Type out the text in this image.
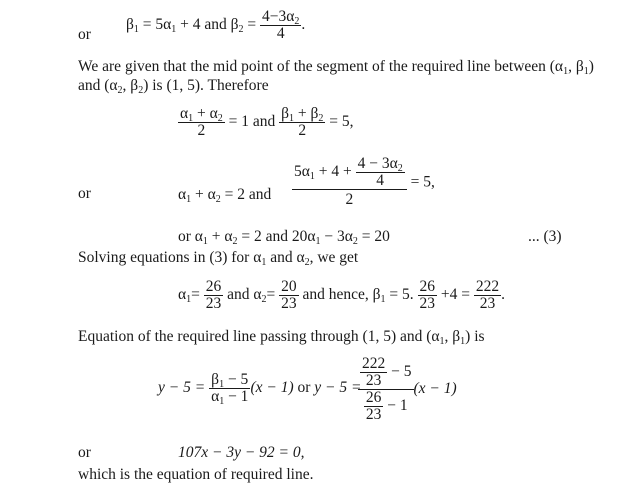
or
$\beta_1 = 5\alpha_1 + 4$ and $\beta_2 = \frac{4-3\alpha_2}{4}$ .
We are given that the mid point of the segment of the required line between ($\alpha_1$, $\beta_1$)
and ($\alpha_2$, $\beta_2$) is (1, 5). Therefore
$\frac{\alpha_1 + \alpha_2}{2} = 1$ and $\frac{\beta_1 + \beta_2}{2} = 5$,
or	$\alpha_1 + \alpha_2 = 2$ and $\frac{5\alpha_1 + 4 + \frac{4 - 3\alpha_2}{4}}{2} = 5$,
or $\alpha_1 + \alpha_2 = 2$ and $20\alpha_1 - 3\alpha_2 = 20$	... (3)
Solving equations in (3) for $\alpha_1$ and $\alpha_2$, we get
$\alpha_1= \frac{26}{23}$ and $\alpha_2= \frac{20}{23}$ and hence, $\beta_1 = 5$. $\frac{26}{23} +4 = \frac{222}{23}$ .
Equation of the required line passing through (1, 5) and ($\alpha_1$, $\beta_1$) is
$y - 5 = \frac{\beta_1 - 5}{\alpha_1 - 1} (x - 1)$ or y − 5 =
$\frac{\frac{222}{23} - 5}{\frac{26}{23} - 1} (x - 1)$
or	107x − 3y − 92 = 0,
which is the equation of required line.
